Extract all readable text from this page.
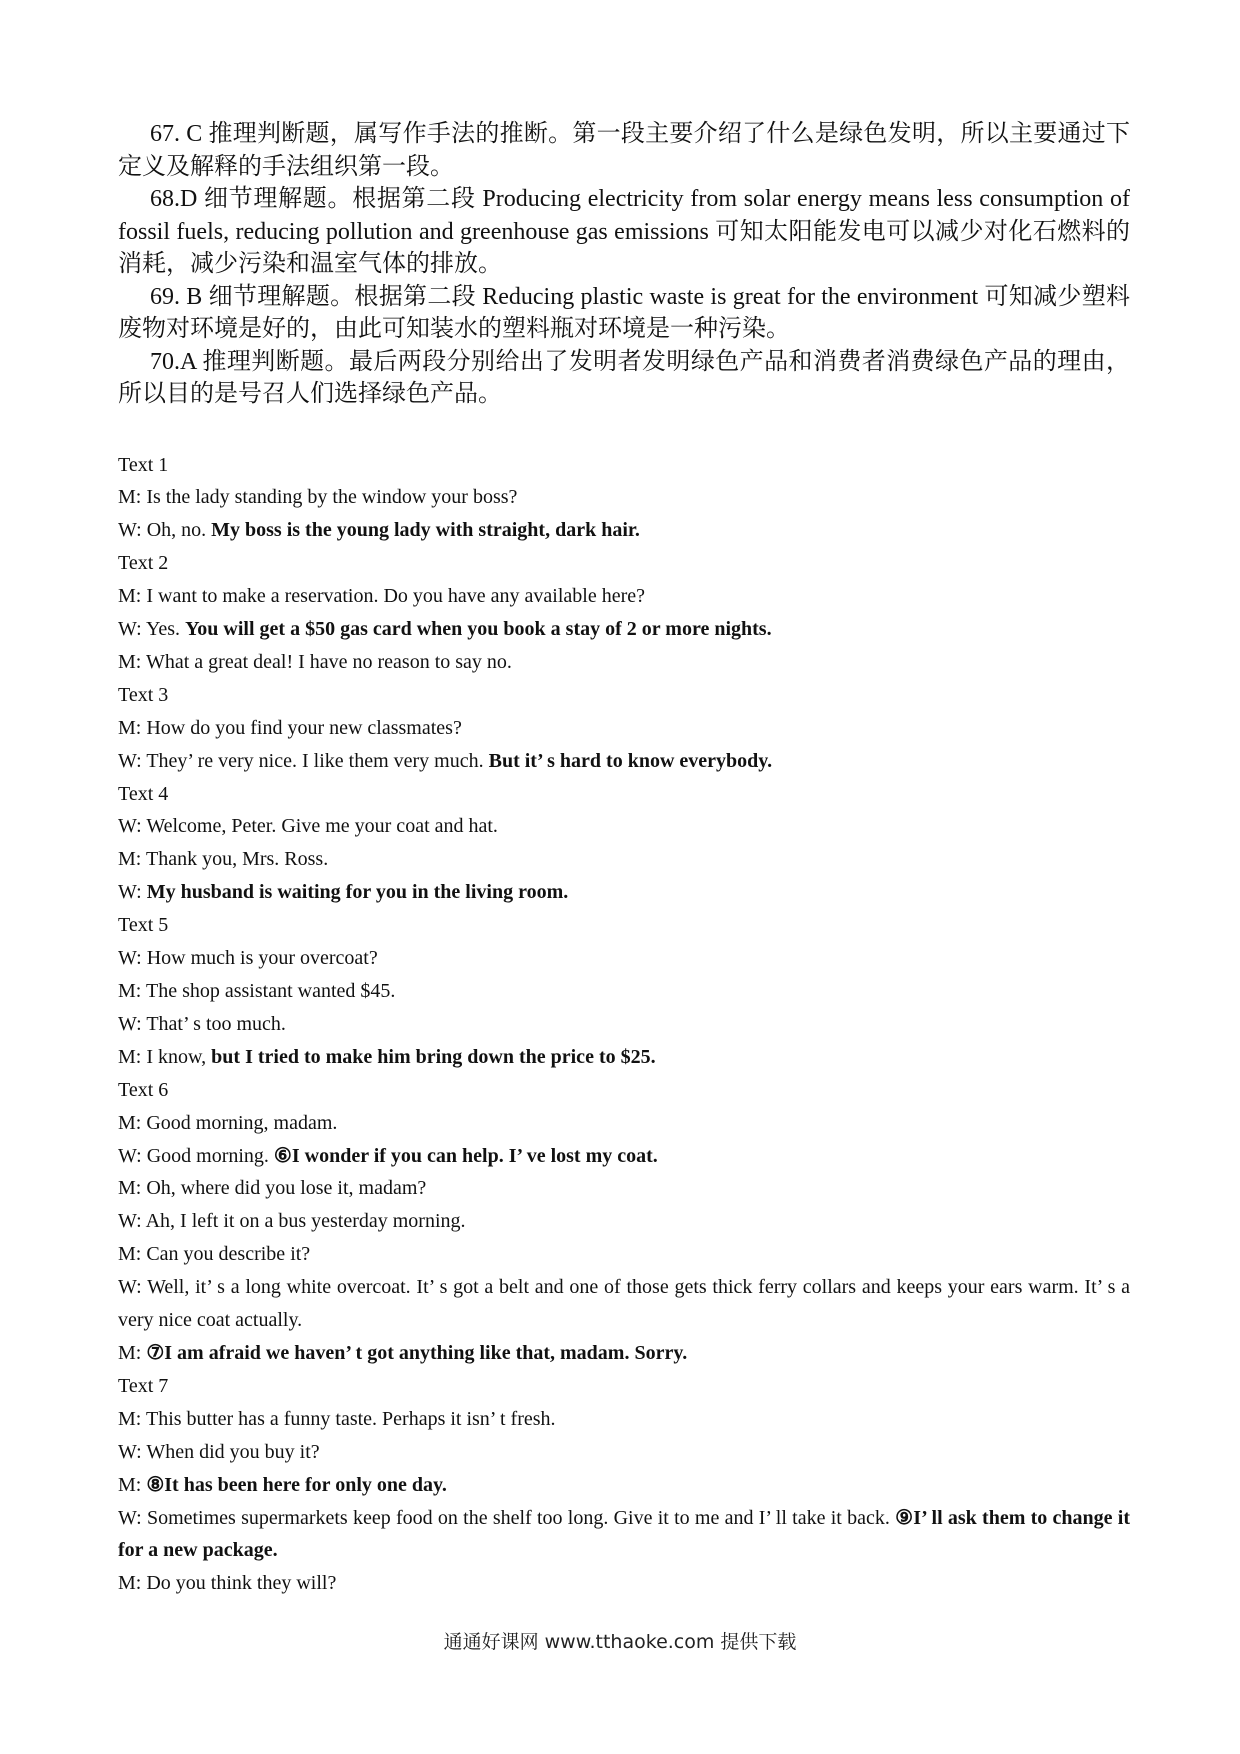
67. C 推理判断题，属写作手法的推断。第一段主要介绍了什么是绿色发明，所以主要通过下定义及解释的手法组织第一段。

68.D 细节理解题。根据第二段 Producing electricity from solar energy means less consumption of fossil fuels, reducing pollution and greenhouse gas emissions 可知太阳能发电可以减少对化石燃料的消耗，减少污染和温室气体的排放。

69. B 细节理解题。根据第二段 Reducing plastic waste is great for the environment 可知减少塑料废物对环境是好的，由此可知装水的塑料瓶对环境是一种污染。

70.A 推理判断题。最后两段分别给出了发明者发明绿色产品和消费者消费绿色产品的理由，所以目的是号召人们选择绿色产品。

Text 1

M: Is the lady standing by the window your boss?

W: Oh, no. My boss is the young lady with straight, dark hair.

Text 2

M: I want to make a reservation. Do you have any available here?

W: Yes. You will get a $50 gas card when you book a stay of 2 or more nights.

M: What a great deal! I have no reason to say no.

Text 3

M: How do you find your new classmates?

W: They’ re very nice. I like them very much. But it’ s hard to know everybody.

Text 4

W: Welcome, Peter. Give me your coat and hat.

M: Thank you, Mrs. Ross.

W: My husband is waiting for you in the living room.

Text 5

W: How much is your overcoat?

M: The shop assistant wanted $45.

W: That’ s too much.

M: I know, but I tried to make him bring down the price to $25.

Text 6

M: Good morning, madam.

W: Good morning. ⑥I wonder if you can help. I’ ve lost my coat.

M: Oh, where did you lose it, madam?

W: Ah, I left it on a bus yesterday morning.

M: Can you describe it?

W: Well, it’ s a long white overcoat. It’ s got a belt and one of those gets thick ferry collars and keeps your ears warm. It’ s a very nice coat actually.

M: ⑦I am afraid we haven’ t got anything like that, madam. Sorry.

Text 7

M: This butter has a funny taste. Perhaps it isn’ t fresh.

W: When did you buy it?

M: ⑧It has been here for only one day.

W: Sometimes supermarkets keep food on the shelf too long. Give it to me and I’ ll take it back. ⑨I’ ll ask them to change it for a new package.

M: Do you think they will?

通通好课网 www.tthaoke.com 提供下载
